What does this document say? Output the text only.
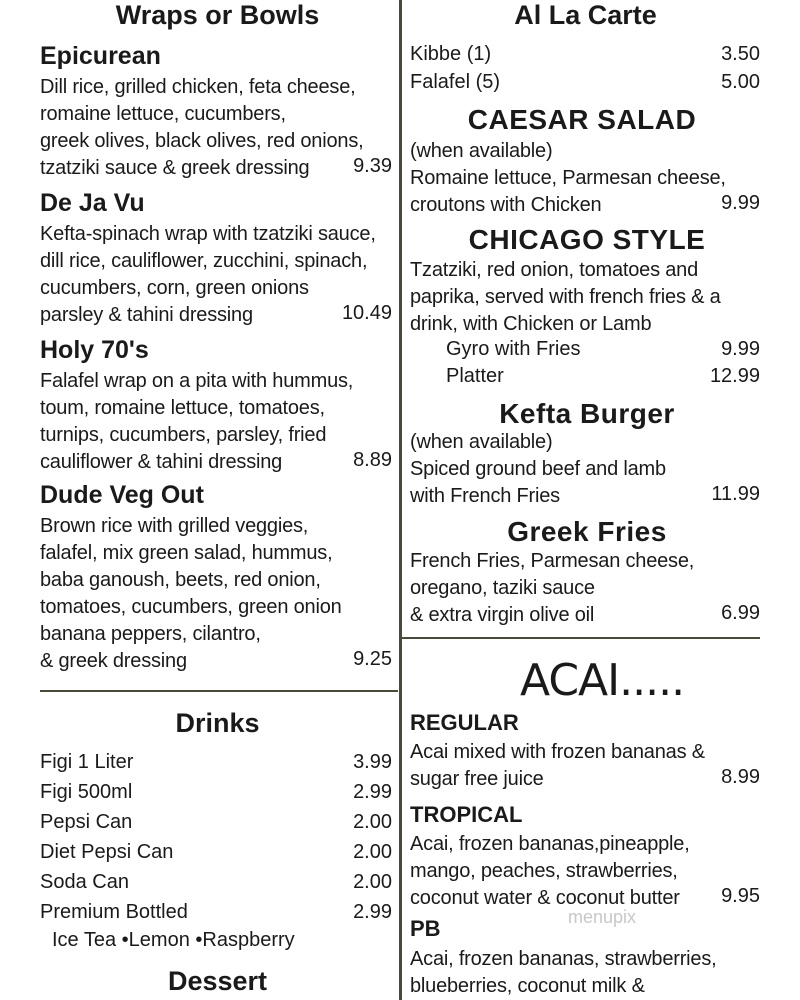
Wraps or Bowls
Epicurean
Dill rice, grilled chicken, feta cheese,
romaine lettuce, cucumbers,
greek olives, black olives, red onions,
tzatziki sauce & greek dressing	9.39
De Ja Vu
Kefta-spinach wrap with tzatziki sauce,
dill rice, cauliflower, zucchini, spinach,
cucumbers, corn, green onions
parsley & tahini dressing	10.49
Holy 70's
Falafel wrap on a pita with hummus,
toum, romaine lettuce, tomatoes,
turnips, cucumbers, parsley, fried
cauliflower & tahini dressing	8.89
Dude Veg Out
Brown rice with grilled veggies,
falafel, mix green salad, hummus,
baba ganoush, beets, red onion,
tomatoes, cucumbers, green onion
banana peppers, cilantro,
& greek dressing	9.25
Drinks
Figi 1 Liter	3.99
Figi 500ml	2.99
Pepsi Can	2.00
Diet Pepsi Can	2.00
Soda Can	2.00
Premium Bottled	2.99
Ice Tea •Lemon •Raspberry
Dessert
Al La Carte
Kibbe (1)	3.50
Falafel (5)	5.00
CAESAR SALAD
(when available)
Romaine lettuce, Parmesan cheese,
croutons with Chicken	9.99
CHICAGO STYLE
Tzatziki, red onion, tomatoes and
paprika, served with french fries & a
drink, with Chicken or Lamb
Gyro with Fries	9.99
Platter	12.99
Kefta Burger
(when available)
Spiced ground beef and lamb
with French Fries	11.99
Greek Fries
French Fries, Parmesan cheese,
oregano, taziki sauce
& extra virgin olive oil	6.99
ACAI.....
REGULAR
Acai mixed with frozen bananas &
sugar free juice	8.99
TROPICAL
Acai, frozen bananas,pineapple,
mango, peaches, strawberries,
coconut water & coconut butter	9.95
menupix
PB
Acai, frozen bananas, strawberries,
blueberries, coconut milk &
